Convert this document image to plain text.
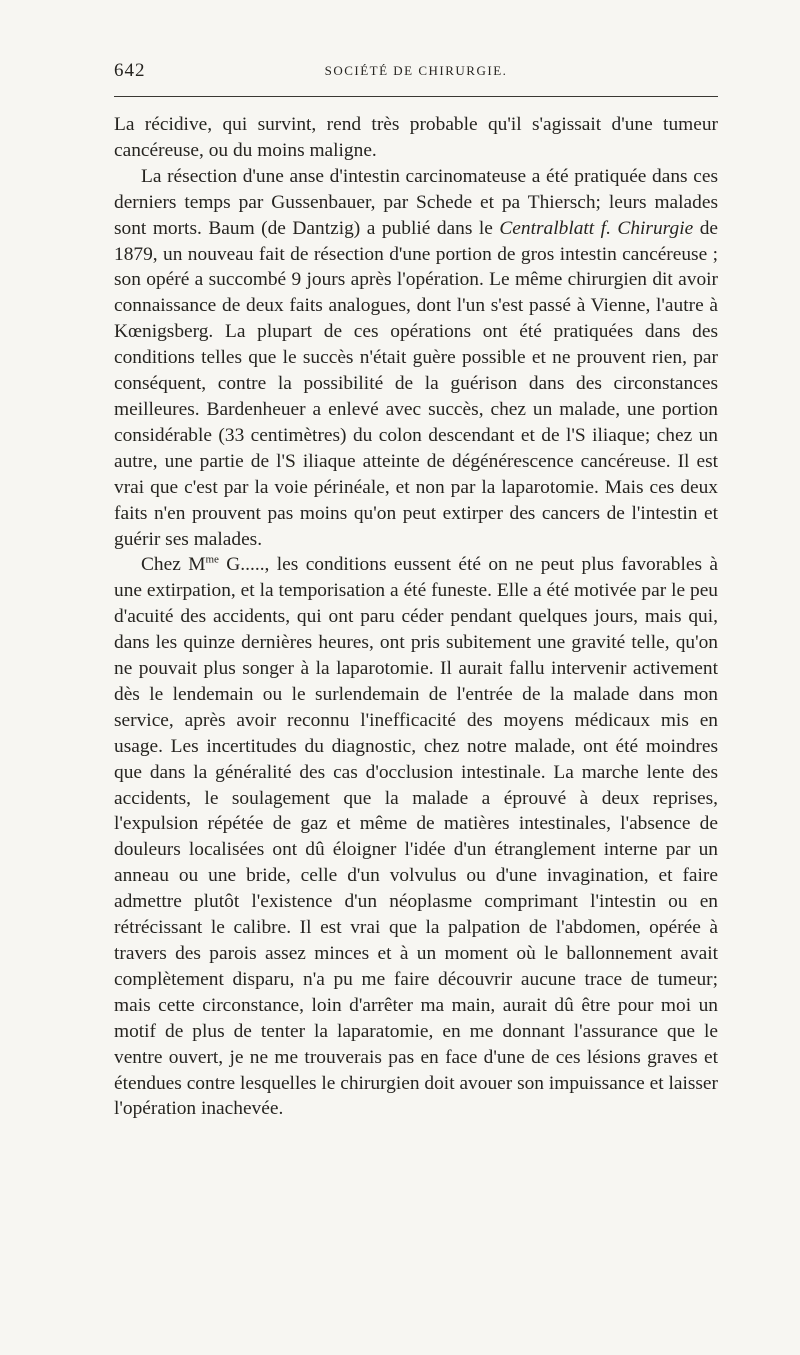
642	SOCIÉTÉ DE CHIRURGIE.

La récidive, qui survint, rend très probable qu'il s'agissait d'une tumeur cancéreuse, ou du moins maligne.

La résection d'une anse d'intestin carcinomateuse a été pratiquée dans ces derniers temps par Gussenbauer, par Schede et pa Thiersch; leurs malades sont morts. Baum (de Dantzig) a publié dans le Centralblatt f. Chirurgie de 1879, un nouveau fait de résection d'une portion de gros intestin cancéreuse ; son opéré a succombé 9 jours après l'opération. Le même chirurgien dit avoir connaissance de deux faits analogues, dont l'un s'est passé à Vienne, l'autre à Kœnigsberg. La plupart de ces opérations ont été pratiquées dans des conditions telles que le succès n'était guère possible et ne prouvent rien, par conséquent, contre la possibilité de la guérison dans des circonstances meilleures. Bardenheuer a enlevé avec succès, chez un malade, une portion considérable (33 centimètres) du colon descendant et de l'S iliaque; chez un autre, une partie de l'S iliaque atteinte de dégénérescence cancéreuse. Il est vrai que c'est par la voie périnéale, et non par la laparotomie. Mais ces deux faits n'en prouvent pas moins qu'on peut extirper des cancers de l'intestin et guérir ses malades.

Chez $M^{me}$ G....., les conditions eussent été on ne peut plus favorables à une extirpation, et la temporisation a été funeste. Elle a été motivée par le peu d'acuité des accidents, qui ont paru céder pendant quelques jours, mais qui, dans les quinze dernières heures, ont pris subitement une gravité telle, qu'on ne pouvait plus songer à la laparotomie. Il aurait fallu intervenir activement dès le lendemain ou le surlendemain de l'entrée de la malade dans mon service, après avoir reconnu l'inefficacité des moyens médicaux mis en usage. Les incertitudes du diagnostic, chez notre malade, ont été moindres que dans la généralité des cas d'occlusion intestinale. La marche lente des accidents, le soulagement que la malade a éprouvé à deux reprises, l'expulsion répétée de gaz et même de matières intestinales, l'absence de douleurs localisées ont dû éloigner l'idée d'un étranglement interne par un anneau ou une bride, celle d'un volvulus ou d'une invagination, et faire admettre plutôt l'existence d'un néoplasme comprimant l'intestin ou en rétrécissant le calibre. Il est vrai que la palpation de l'abdomen, opérée à travers des parois assez minces et à un moment où le ballonnement avait complètement disparu, n'a pu me faire découvrir aucune trace de tumeur; mais cette circonstance, loin d'arrêter ma main, aurait dû être pour moi un motif de plus de tenter la laparatomie, en me donnant l'assurance que le ventre ouvert, je ne me trouverais pas en face d'une de ces lésions graves et étendues contre lesquelles le chirurgien doit avouer son impuissance et laisser l'opération inachevée.
